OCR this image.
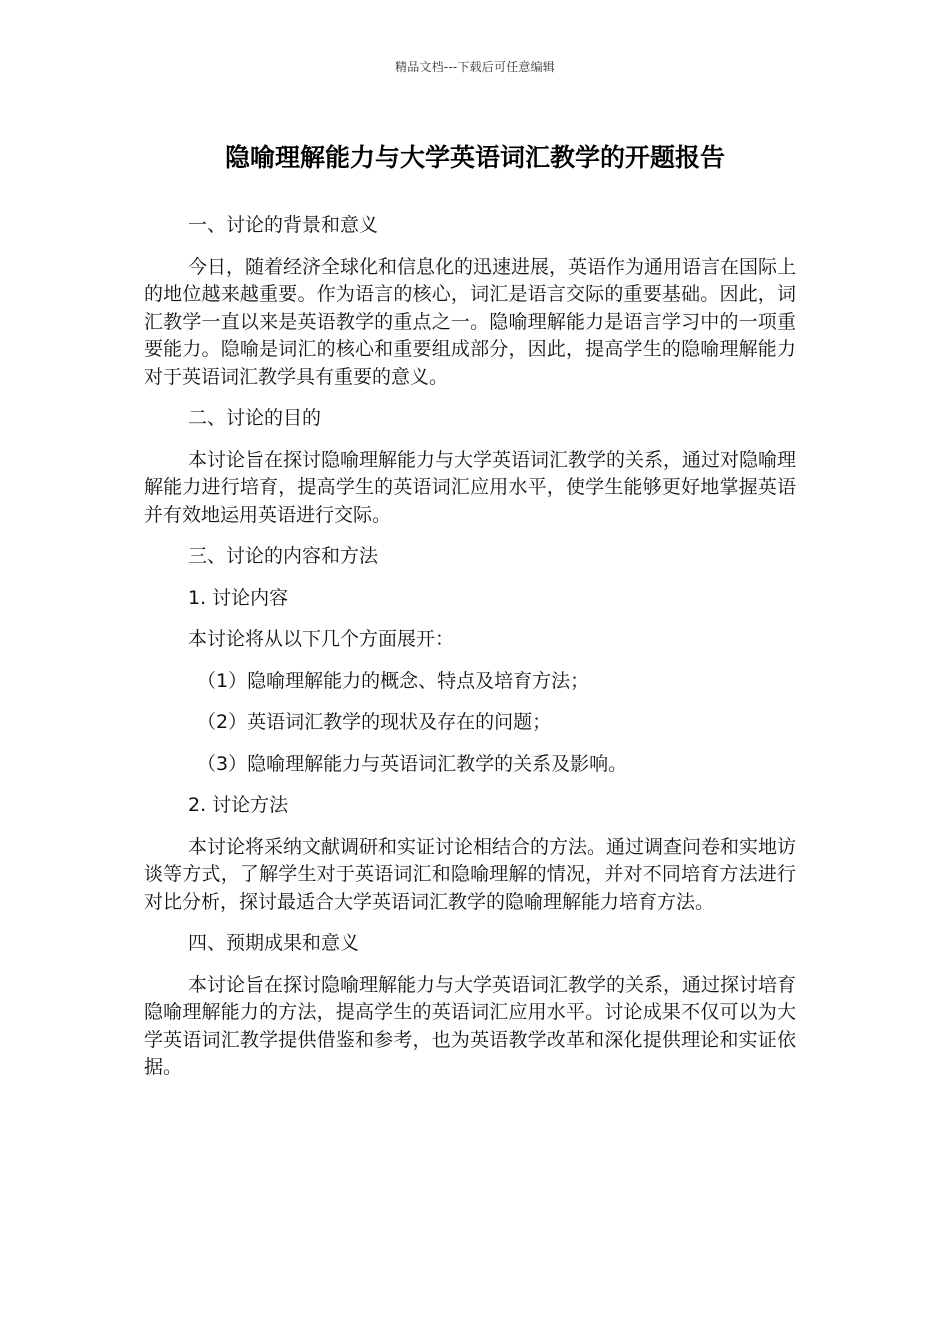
精品文档---下载后可任意编辑
隐喻理解能力与大学英语词汇教学的开题报告
一、讨论的背景和意义
今日，随着经济全球化和信息化的迅速进展，英语作为通用语言在国际上的地位越来越重要。作为语言的核心，词汇是语言交际的重要基础。因此，词汇教学一直以来是英语教学的重点之一。隐喻理解能力是语言学习中的一项重要能力。隐喻是词汇的核心和重要组成部分，因此，提高学生的隐喻理解能力对于英语词汇教学具有重要的意义。
二、讨论的目的
本讨论旨在探讨隐喻理解能力与大学英语词汇教学的关系，通过对隐喻理解能力进行培育，提高学生的英语词汇应用水平，使学生能够更好地掌握英语并有效地运用英语进行交际。
三、讨论的内容和方法
1. 讨论内容
本讨论将从以下几个方面展开：
（1）隐喻理解能力的概念、特点及培育方法；
（2）英语词汇教学的现状及存在的问题；
（3）隐喻理解能力与英语词汇教学的关系及影响。
2. 讨论方法
本讨论将采纳文献调研和实证讨论相结合的方法。通过调查问卷和实地访谈等方式，了解学生对于英语词汇和隐喻理解的情况，并对不同培育方法进行对比分析，探讨最适合大学英语词汇教学的隐喻理解能力培育方法。
四、预期成果和意义
本讨论旨在探讨隐喻理解能力与大学英语词汇教学的关系，通过探讨培育隐喻理解能力的方法，提高学生的英语词汇应用水平。讨论成果不仅可以为大学英语词汇教学提供借鉴和参考，也为英语教学改革和深化提供理论和实证依据。
